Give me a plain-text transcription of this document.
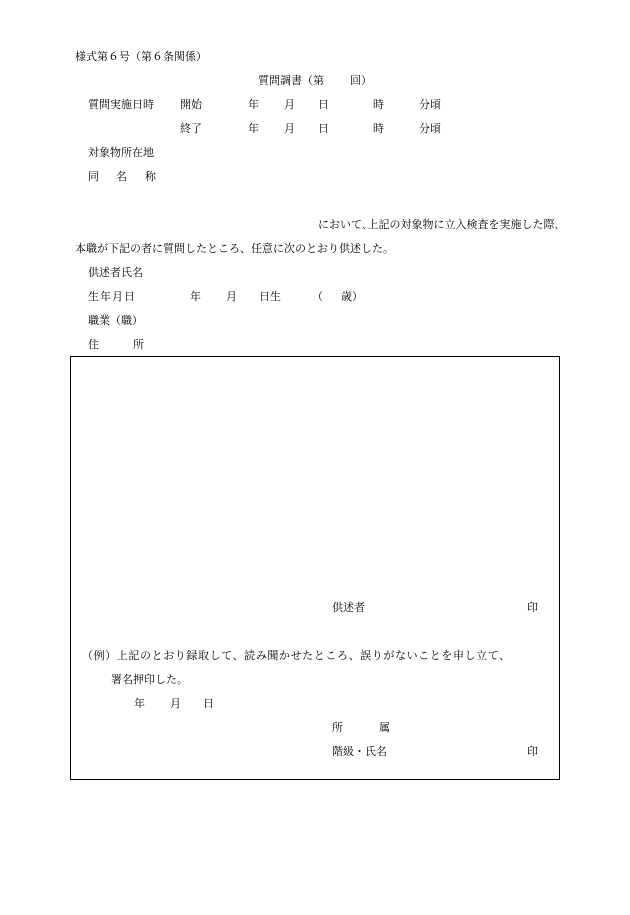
様式第６号（第６条関係）
質問調書（第 回）
質問実施日時 開始	年 月 日	時	分頃
終了	年 月 日	時	分頃
対象物所在地
同 名 称
において､上記の対象物に立入検査を実施した際､
本職が下記の者に質問したところ、任意に次のとおり供述した。
供述者氏名
生年月日	年 月 日生	（ 歳）
職業（職）
住	所
供述者	印
（例）上記のとおり録取して、読み聞かせたところ、誤りがないことを申し立て、
署名押印した。
年 月 日
所	属
階級・氏名	印
